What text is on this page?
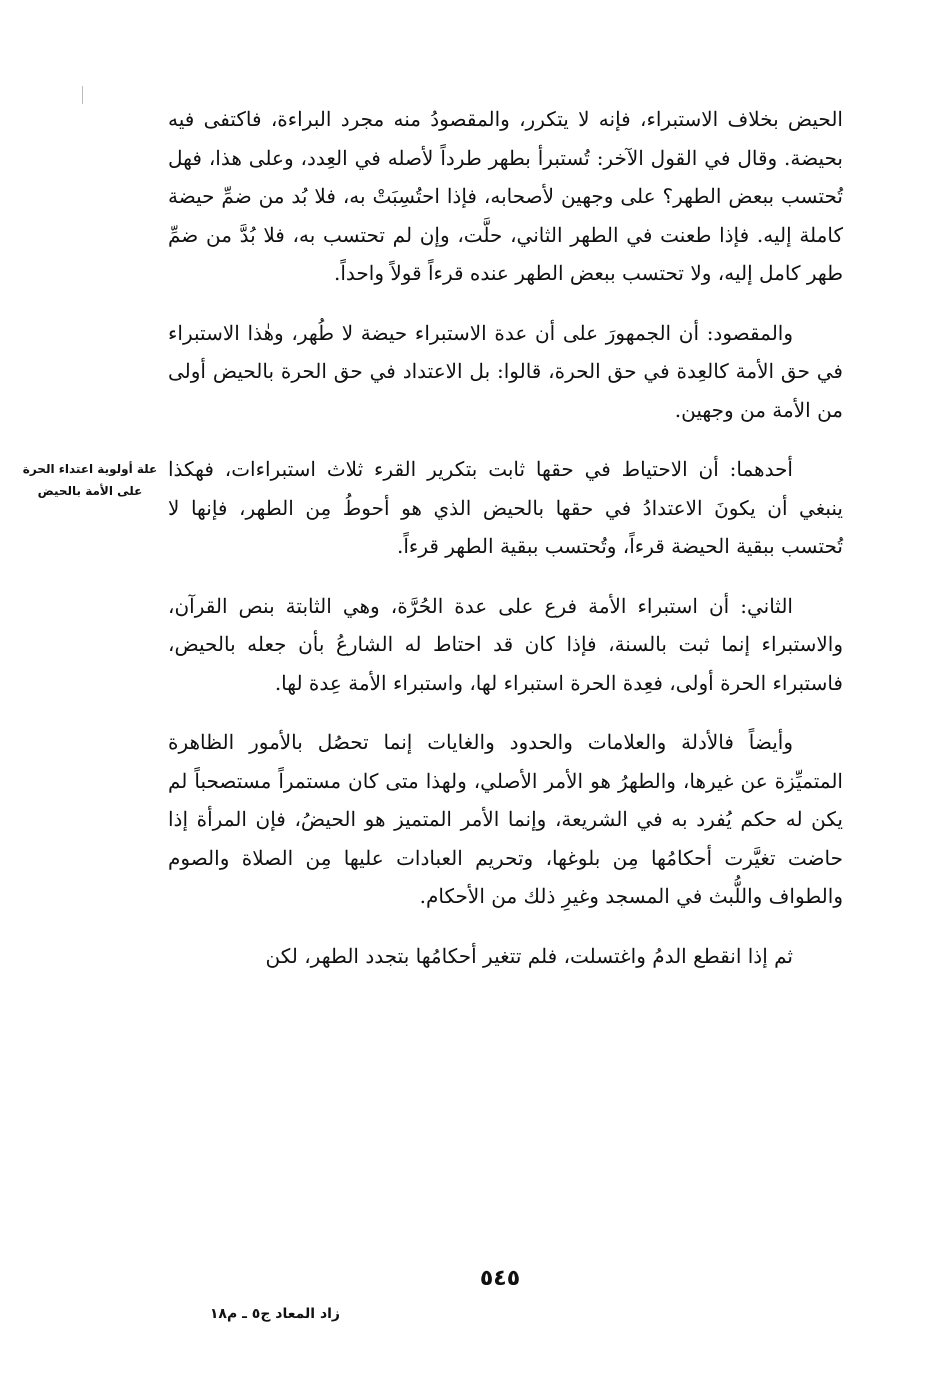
الحيض بخلاف الاستبراء، فإنه لا يتكرر، والمقصودُ منه مجرد البراءة، فاكتفى فيه بحيضة. وقال في القول الآخر: تُستبرأ بطهر طرداً لأصله في العِدد، وعلى هذا، فهل تُحتسب ببعض الطهر؟ على وجهين لأصحابه، فإذا احتُسِبَتْ به، فلا بُد من ضمِّ حيضة كاملة إليه. فإذا طعنت في الطهر الثاني، حلَّت، وإن لم تحتسب به، فلا بُدَّ من ضمِّ طهر كامل إليه، ولا تحتسب ببعض الطهر عنده قرءاً قولاً واحداً.

والمقصود: أن الجمهورَ على أن عدة الاستبراء حيضة لا طُهر، وهٰذا الاستبراء في حق الأمة كالعِدة في حق الحرة، قالوا: بل الاعتداد في حق الحرة بالحيض أولى من الأمة من وجهين.

أحدهما: أن الاحتياط في حقها ثابت بتكرير القرء ثلاث استبراءات، فهكذا ينبغي أن يكونَ الاعتدادُ في حقها بالحيض الذي هو أحوطُ مِن الطهر، فإنها لا تُحتسب ببقية الحيضة قرءاً، وتُحتسب ببقية الطهر قرءاً.

الثاني: أن استبراء الأمة فرع على عدة الحُرَّة، وهي الثابتة بنص القرآن، والاستبراء إنما ثبت بالسنة، فإذا كان قد احتاط له الشارعُ بأن جعله بالحيض، فاستبراء الحرة أولى، فعِدة الحرة استبراء لها، واستبراء الأمة عِدة لها.

وأيضاً فالأدلة والعلامات والحدود والغايات إنما تحصُل بالأمور الظاهرة المتميِّزة عن غيرها، والطهرُ هو الأمر الأصلي، ولهذا متى كان مستمراً مستصحباً لم يكن له حكم يُفرد به في الشريعة، وإنما الأمر المتميز هو الحيضُ، فإن المرأة إذا حاضت تغيَّرت أحكامُها مِن بلوغها، وتحريم العبادات عليها مِن الصلاة والصوم والطواف واللُّبث في المسجد وغيرِ ذلك من الأحكام.

ثم إذا انقطع الدمُ واغتسلت، فلم تتغير أحكامُها بتجدد الطهر، لكن

علة أولوية اعتداء الحرة
على الأمة بالحيض
٥٤٥
زاد المعاد ج٥ ـ م١٨
